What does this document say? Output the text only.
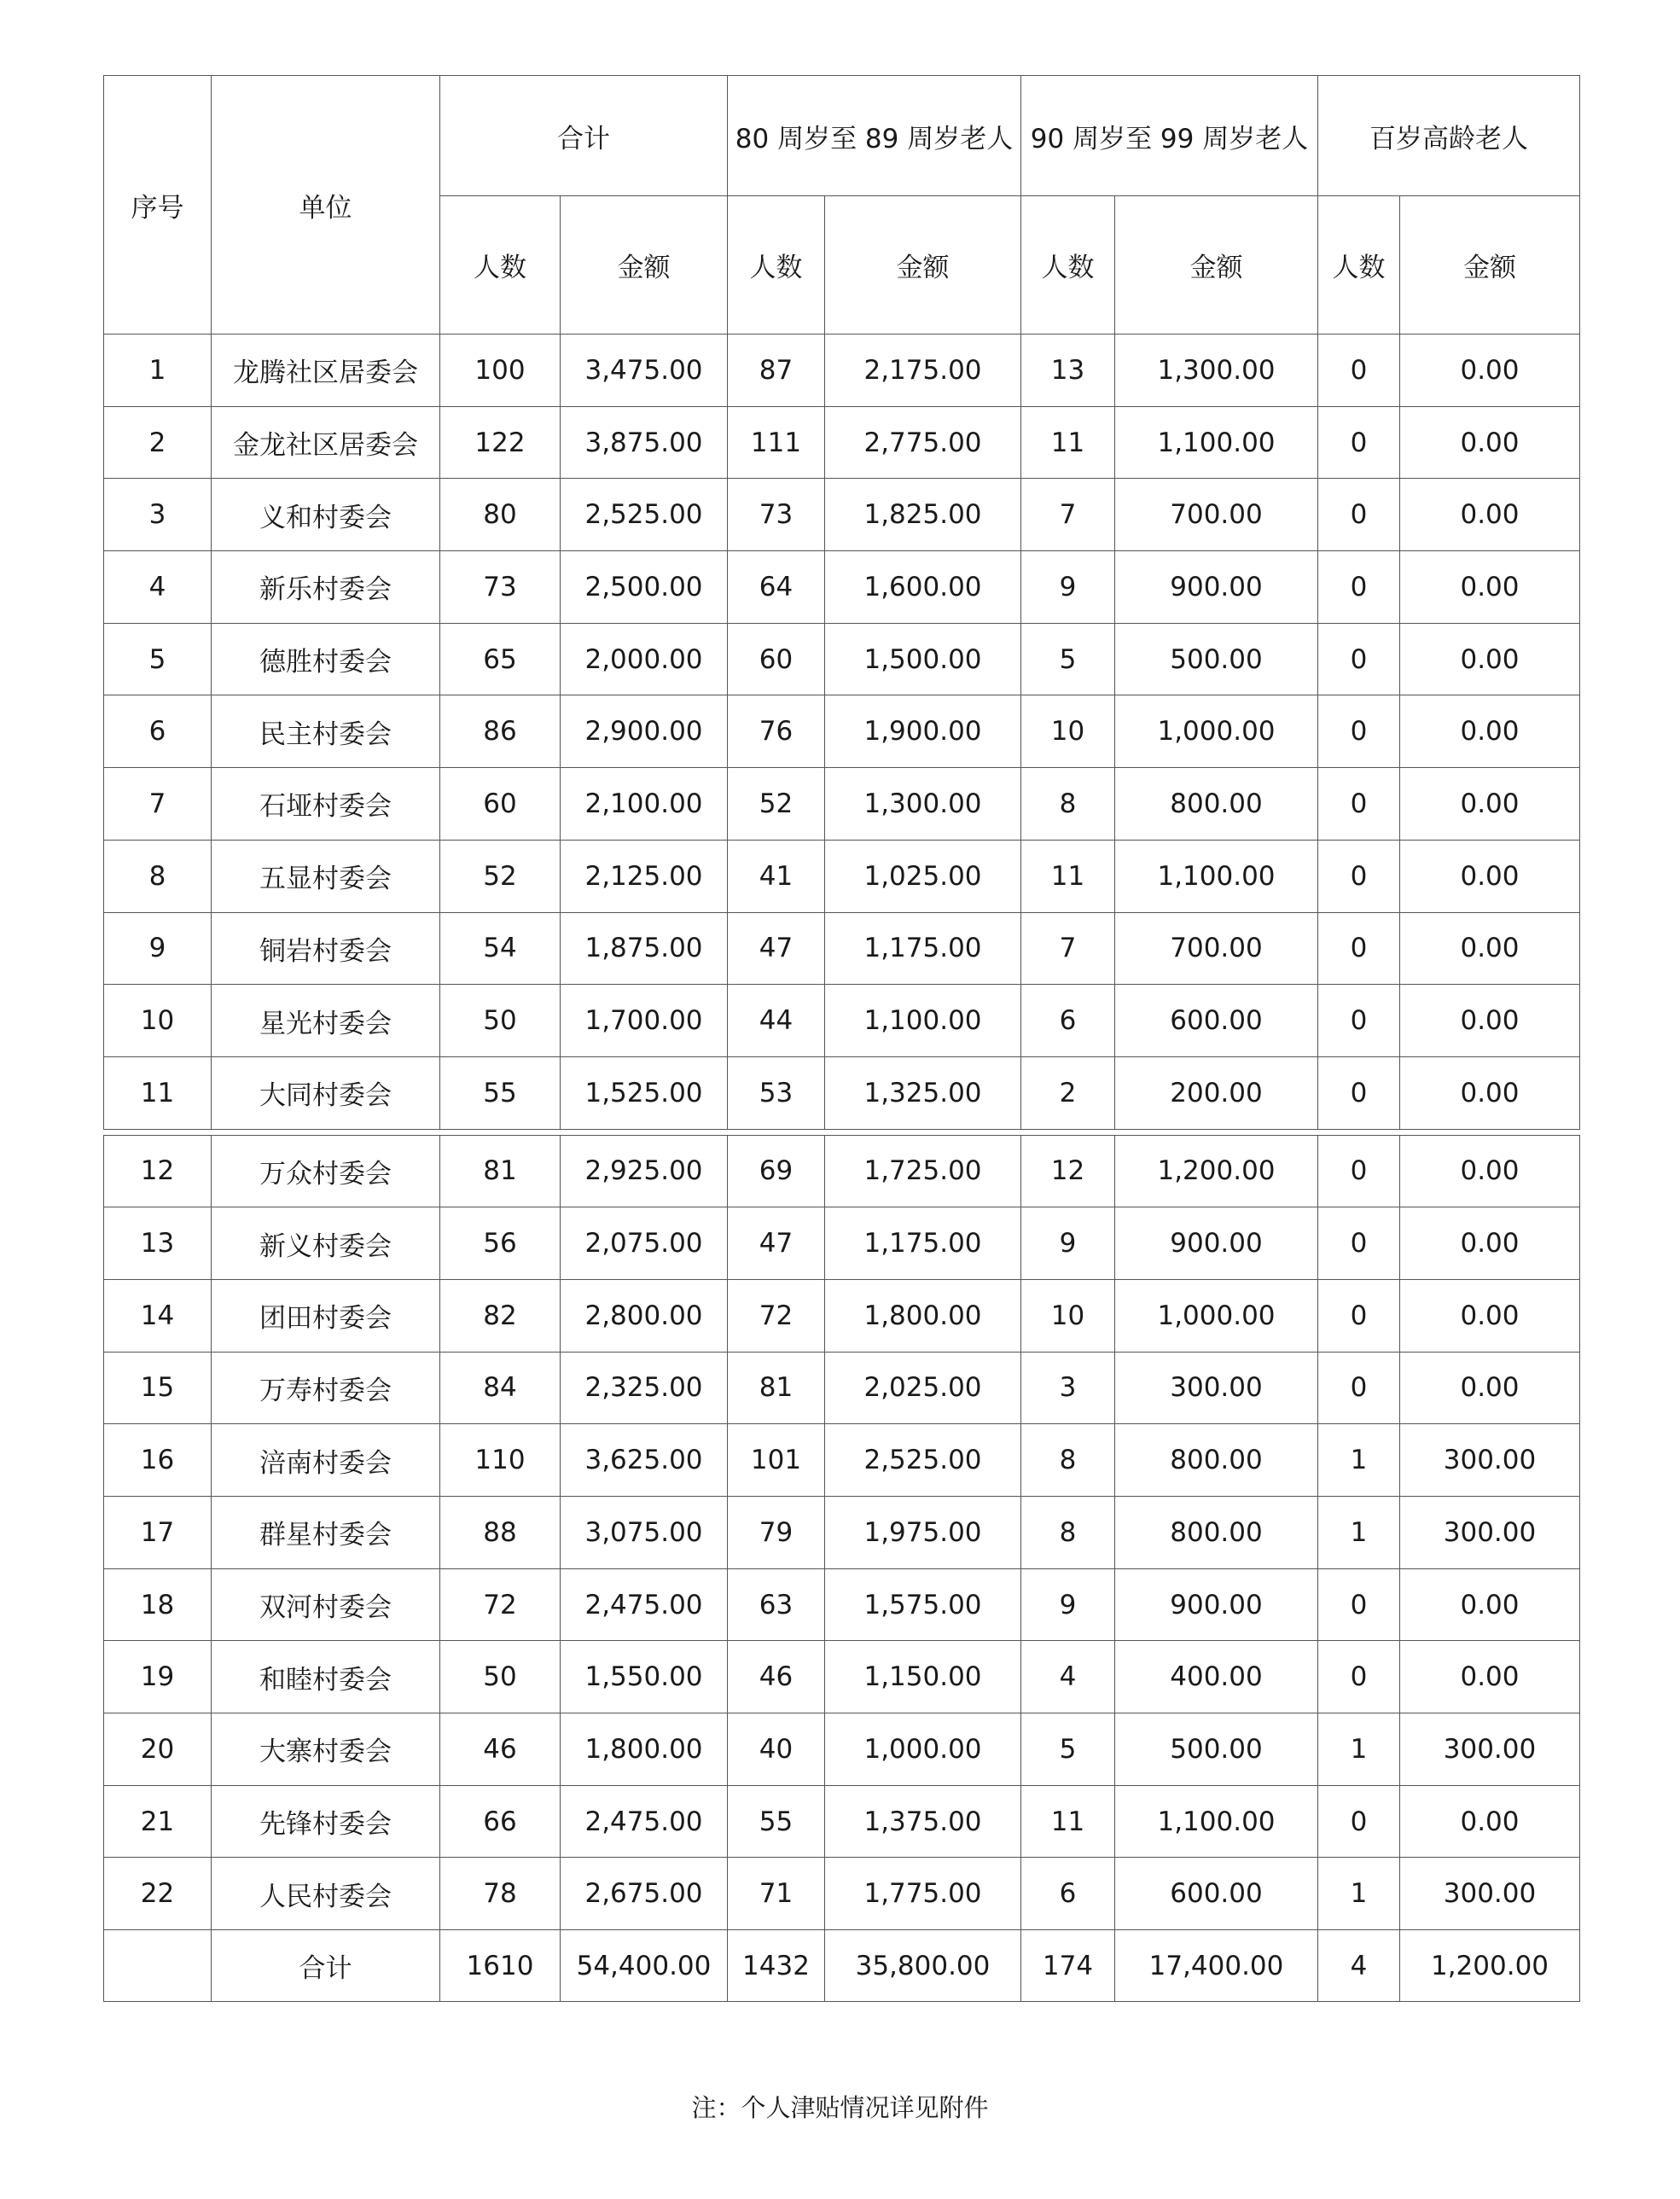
序号	单位	合计		80 周岁至 89 周岁老人		90 周岁至 99 周岁老人		百岁高龄老人	
		人数	金额	人数	金额	人数	金额	人数	金额
1	龙腾社区居委会	100	3,475.00	87	2,175.00	13	1,300.00	0	0.00
2	金龙社区居委会	122	3,875.00	111	2,775.00	11	1,100.00	0	0.00
3	义和村委会	80	2,525.00	73	1,825.00	7	700.00	0	0.00
4	新乐村委会	73	2,500.00	64	1,600.00	9	900.00	0	0.00
5	德胜村委会	65	2,000.00	60	1,500.00	5	500.00	0	0.00
6	民主村委会	86	2,900.00	76	1,900.00	10	1,000.00	0	0.00
7	石垭村委会	60	2,100.00	52	1,300.00	8	800.00	0	0.00
8	五显村委会	52	2,125.00	41	1,025.00	11	1,100.00	0	0.00
9	铜岩村委会	54	1,875.00	47	1,175.00	7	700.00	0	0.00
10	星光村委会	50	1,700.00	44	1,100.00	6	600.00	0	0.00
11	大同村委会	55	1,525.00	53	1,325.00	2	200.00	0	0.00

12	万众村委会	81	2,925.00	69	1,725.00	12	1,200.00	0	0.00
13	新义村委会	56	2,075.00	47	1,175.00	9	900.00	0	0.00
14	团田村委会	82	2,800.00	72	1,800.00	10	1,000.00	0	0.00
15	万寿村委会	84	2,325.00	81	2,025.00	3	300.00	0	0.00
16	涪南村委会	110	3,625.00	101	2,525.00	8	800.00	1	300.00
17	群星村委会	88	3,075.00	79	1,975.00	8	800.00	1	300.00
18	双河村委会	72	2,475.00	63	1,575.00	9	900.00	0	0.00
19	和睦村委会	50	1,550.00	46	1,150.00	4	400.00	0	0.00
20	大寨村委会	46	1,800.00	40	1,000.00	5	500.00	1	300.00
21	先锋村委会	66	2,475.00	55	1,375.00	11	1,100.00	0	0.00
22	人民村委会	78	2,675.00	71	1,775.00	6	600.00	1	300.00
	合计	1610	54,400.00	1432	35,800.00	174	17,400.00	4	1,200.00
注：个人津贴情况详见附件
